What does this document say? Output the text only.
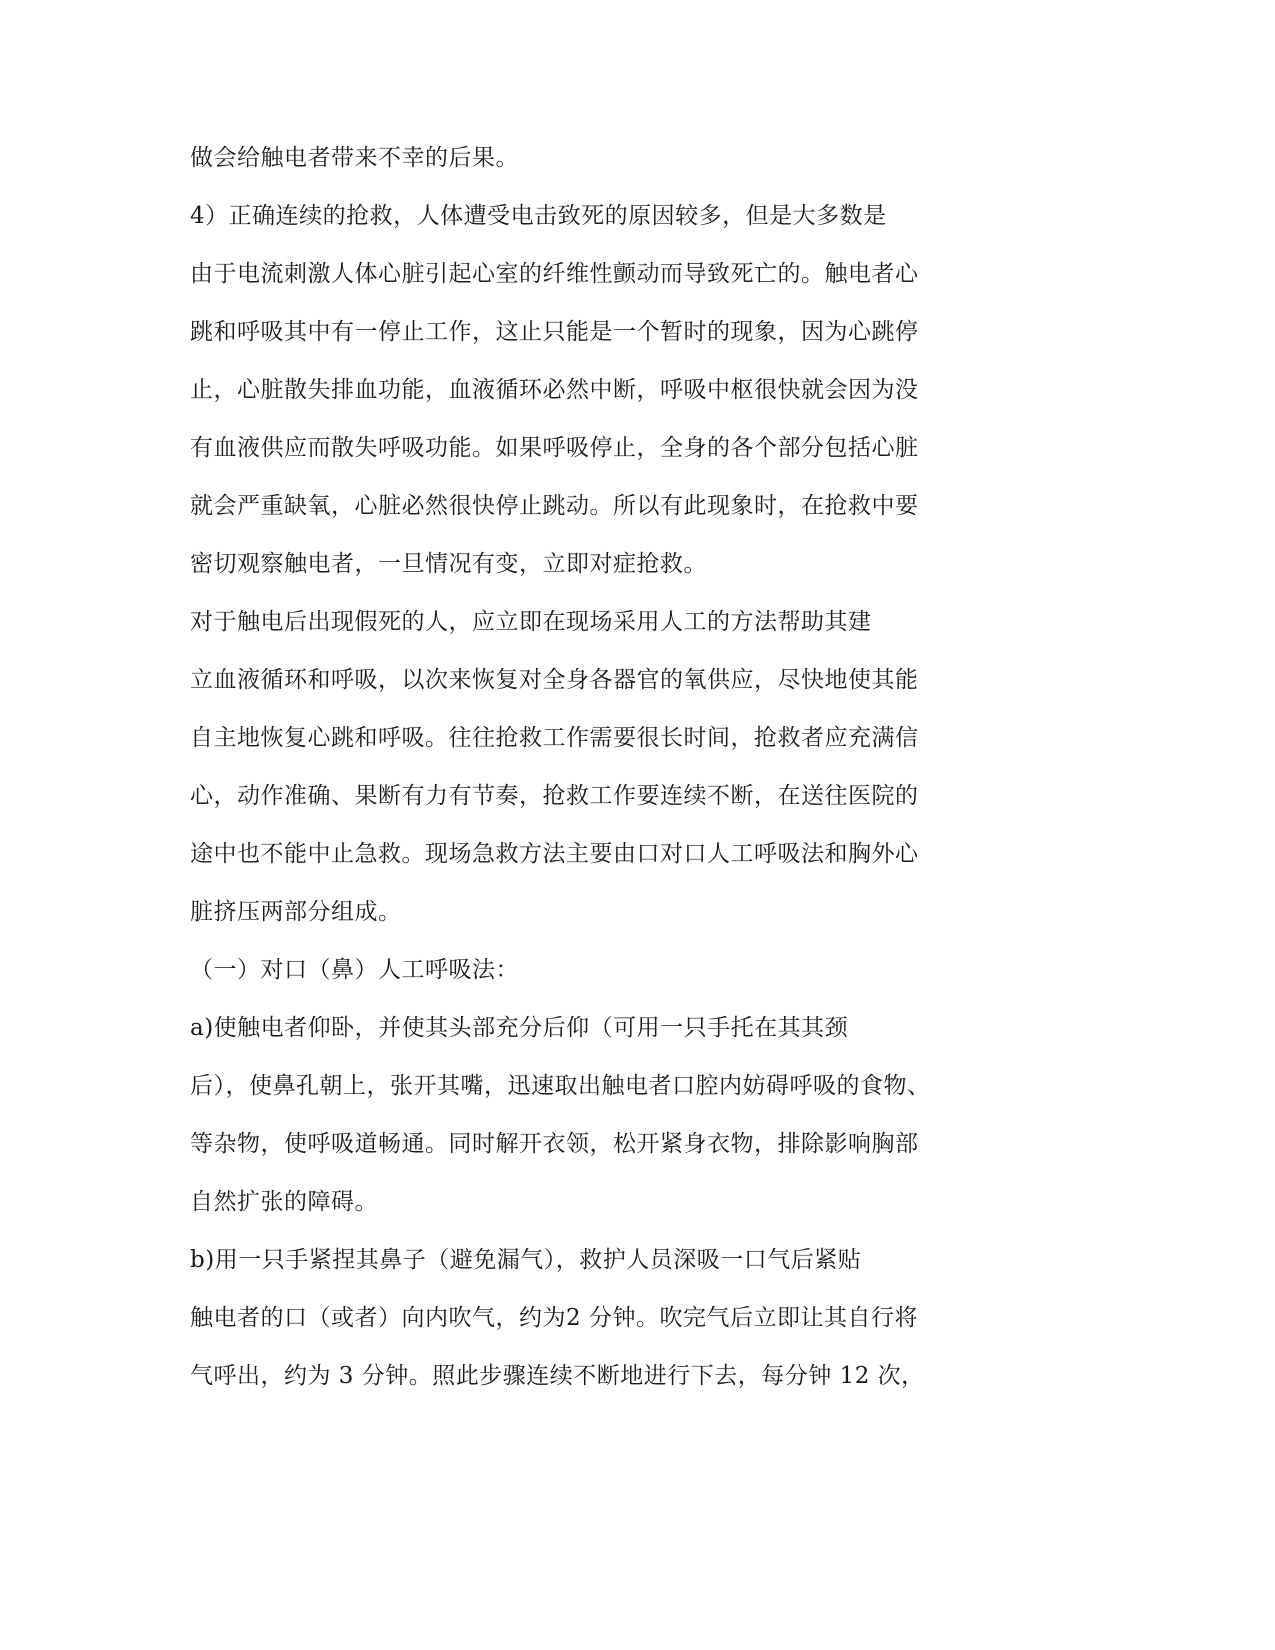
做会给触电者带来不幸的后果。
4）正确连续的抢救，人体遭受电击致死的原因较多，但是大多数是
由于电流刺激人体心脏引起心室的纤维性颤动而导致死亡的。触电者心
跳和呼吸其中有一停止工作，这止只能是一个暂时的现象，因为心跳停
止，心脏散失排血功能，血液循环必然中断，呼吸中枢很快就会因为没
有血液供应而散失呼吸功能。如果呼吸停止，全身的各个部分包括心脏
就会严重缺氧，心脏必然很快停止跳动。所以有此现象时，在抢救中要
密切观察触电者，一旦情况有变，立即对症抢救。
对于触电后出现假死的人，应立即在现场采用人工的方法帮助其建
立血液循环和呼吸，以次来恢复对全身各器官的氧供应，尽快地使其能
自主地恢复心跳和呼吸。往往抢救工作需要很长时间，抢救者应充满信
心，动作准确、果断有力有节奏，抢救工作要连续不断，在送往医院的
途中也不能中止急救。现场急救方法主要由口对口人工呼吸法和胸外心
脏挤压两部分组成。
（一）对口（鼻）人工呼吸法：
a)使触电者仰卧，并使其头部充分后仰（可用一只手托在其其颈
后），使鼻孔朝上，张开其嘴，迅速取出触电者口腔内妨碍呼吸的食物、
等杂物，使呼吸道畅通。同时解开衣领，松开紧身衣物，排除影响胸部
自然扩张的障碍。
b)用一只手紧捏其鼻子（避免漏气），救护人员深吸一口气后紧贴
触电者的口（或者）向内吹气，约为2 分钟。吹完气后立即让其自行将
气呼出，约为 3 分钟。照此步骤连续不断地进行下去，每分钟 12 次，
